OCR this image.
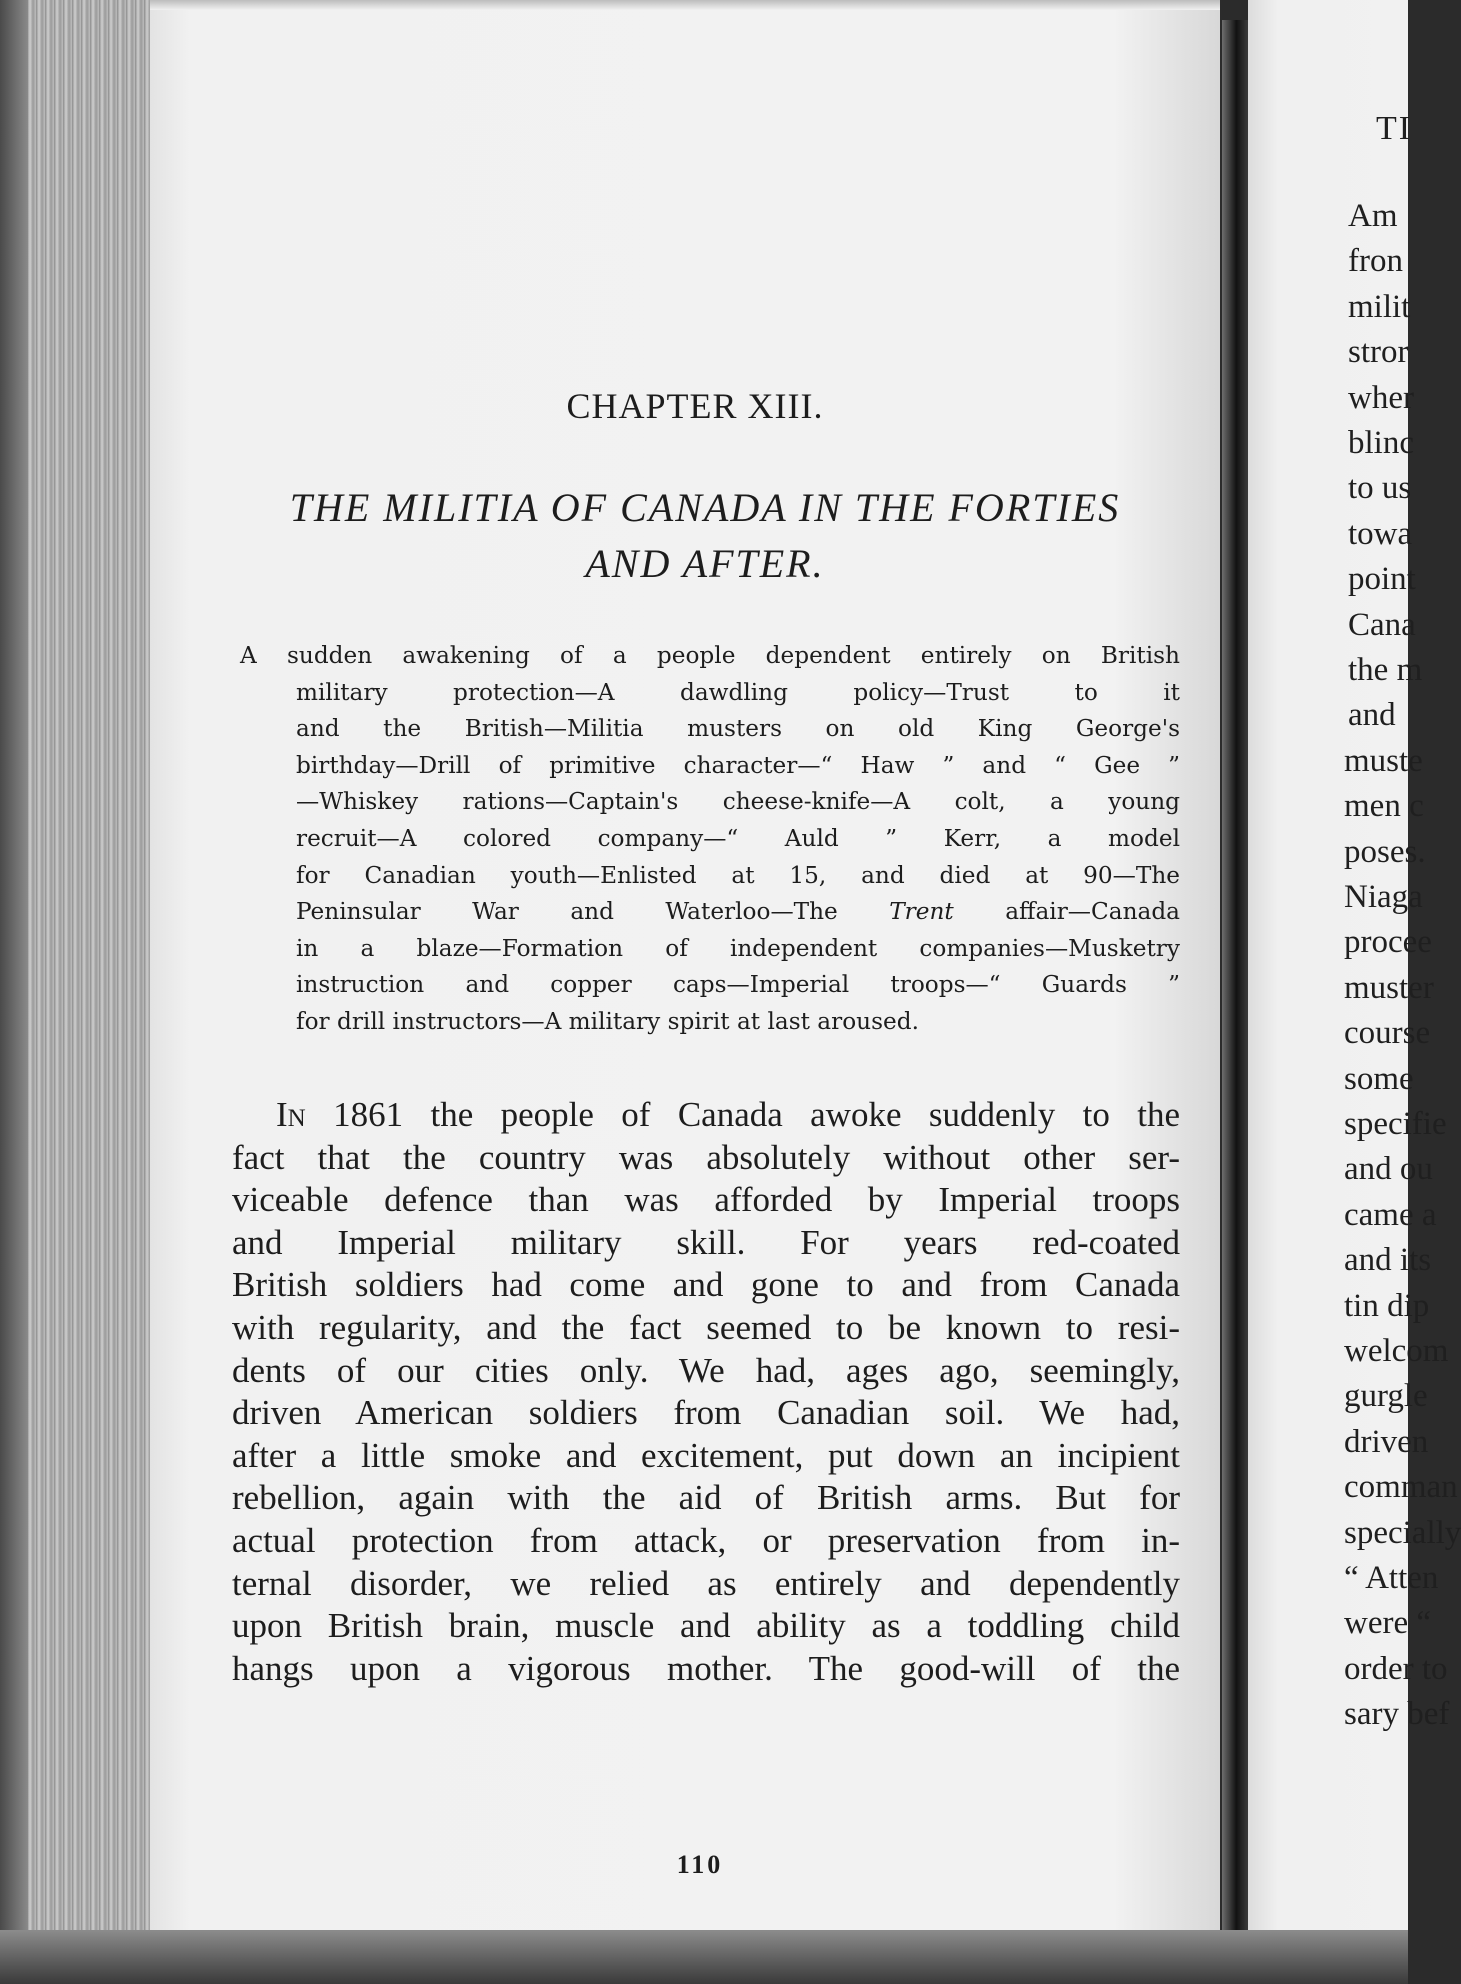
CHAPTER XIII.
THE MILITIA OF CANADA IN THE FORTIES
AND AFTER.
A sudden awakening of a people dependent entirely on British
military protection—A dawdling policy—Trust to it
and the British—Militia musters on old King George's
birthday—Drill of primitive character—“ Haw ” and “ Gee ”
—Whiskey rations—Captain's cheese-knife—A colt, a young
recruit—A colored company—“ Auld ” Kerr, a model
for Canadian youth—Enlisted at 15, and died at 90—The
Peninsular War and Waterloo—The Trent affair—Canada
in a blaze—Formation of independent companies—Musketry
instruction and copper caps—Imperial troops—“ Guards ”
for drill instructors—A military spirit at last aroused.
In 1861 the people of Canada awoke suddenly to the
fact that the country was absolutely without other ser-
viceable defence than was afforded by Imperial troops
and Imperial military skill. For years red-coated
British soldiers had come and gone to and from Canada
with regularity, and the fact seemed to be known to resi-
dents of our cities only. We had, ages ago, seemingly,
driven American soldiers from Canadian soil. We had,
after a little smoke and excitement, put down an incipient
rebellion, again with the aid of British arms. But for
actual protection from attack, or preservation from in-
ternal disorder, we relied as entirely and dependently
upon British brain, muscle and ability as a toddling child
hangs upon a vigorous mother. The good-will of the
110
TI
Am
fron
milit
stror
wher
blinc
to us
towa
point
Cana
the m
and
muste
men c
poses.
Niaga
procee
muster
course
some
specifie
and ou
came a
and its
tin dip
welcom
gurgle
driven
comman
specially
“ Atten
were “
order to
sary bef
